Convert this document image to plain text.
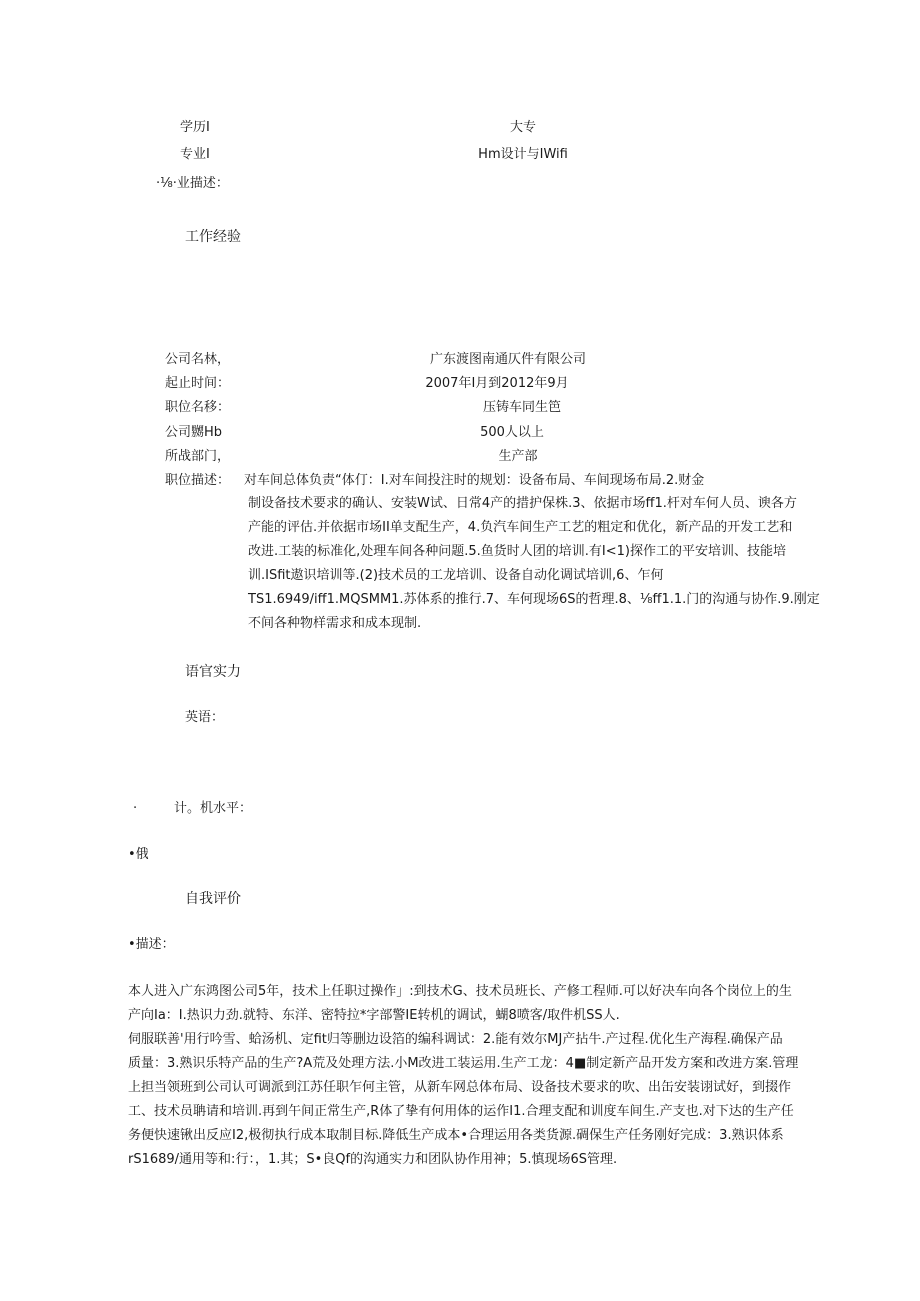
学历I	大专
专业I	Hm设计与IWifi
·⅛·业描述：
工作经验
公司名林，	广东渡图南通仄件有限公司
起止时间：	2007年I月到2012年9月
职位名移：	压铸车同生笆
公司嬲Hb	500人以上
所战部门，	生产部
职位描述： 对车间总体负责“体仃：I.对车间投注时的规划：设备布局、车间现场布局.2.财金
制设备技术要求的确认、安装W试、日常4产的措护保株.3、依据市场ff1.杆对车何人员、谀各方
产能的评估.并依据市场II单支配生产，4.负汽车间生产工艺的粗定和优化，新产品的开发工艺和
改进.工装的标准化,处理车间各种问题.5.鱼货时人团的培训.有I<1)探作工的平安培训、技能培
训.ISfit遨识培训等.(2)技术员的工龙培训、设备自动化调试培训,6、乍何
TS1.6949/iff1.MQSMM1.苏体系的推行.7、车何现场6S的哲理.8、⅛ff1.1.门的沟通与协作.9.刚定
不间各种物样需求和成本现制.
语官实力
英语：
·	计。机水平：
•俄
自我评价
•描述：
本人进入广东鸿图公司5年，技术上任职过操作」:到技术G、技术员班长、产修工程师.可以好决车向各个岗位上的生
产向Ia：I.热识力劲.就特、东洋、密特拉*字部警IE转机的调试，蝴8喷客/取件机SS人.
伺服联善'用行吟雪、蛤汤机、定fit归等删边设箔的编科调试：2.能有效尔MJ产拈牛.产过程.优化生产海程.确保产品
质量：3.熟识乐特产品的生产?A荒及处理方法.小M改进工装运用.生产工龙：4■制定新产品开发方案和改进方案.管理
上担当领班到公司认可调派到江苏任职乍何主管，从新车网总体布局、设备技术要求的吹、出缶安装诩试好，到掇作
工、技术员聃请和培训.再到午间正常生产,R体了挚有何用体的运作I1.合理支配和训度车间生.产支也.对下达的生产任
务便快速锹出反应I2,极彻执行成本取制目标.降低生产成本•合理运用各类货源.碉保生产任务刚好完成：3.熟识体系
rS1689/通用等和:行：，1.其；S•良Qf的沟通实力和团队协作用神；5.慎现场6S管理.
